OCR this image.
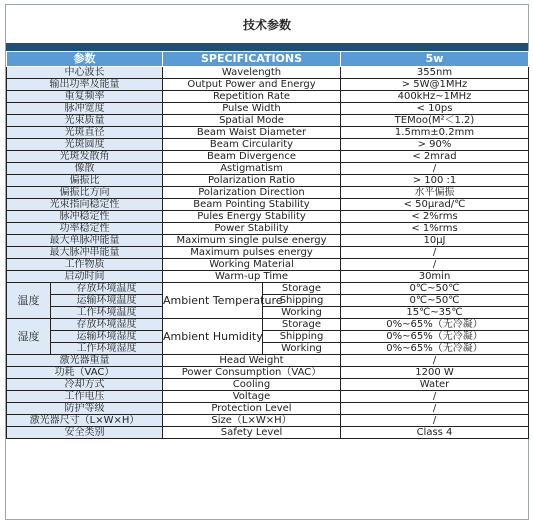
技术参数
参数		SPECIFICATIONS		5w
中心波长		Wavelength		355nm
输出功率及能量		Output Power and Energy		> 5W@1MHz
重复频率		Repetition Rate		400kHz~1MHz
脉冲宽度		Pulse Width		< 10ps
光束质量		Spatial Mode		TEMoo(M²＜1.2)
光斑直径		Beam Waist Diameter		1.5mm±0.2mm
光斑圆度		Beam Circularity		> 90%
光斑发散角		Beam Divergence		< 2mrad
像散		Astigmatism		/
偏振比		Polarization Ratio		> 100 :1
偏振比方向		Polarization Direction		水平偏振
光束指向稳定性		Beam Pointing Stability		< 50μrad/℃
脉冲稳定性		Pules Energy Stability		< 2%rms
功率稳定性		Power Stability		< 1%rms
最大单脉冲能量		Maximum single pulse energy		10μJ
最大脉冲串能量		Maximum pulses energy		/
工作物质		Working Material		/
启动时间		Warm-up Time		30min
温度	存放环境温度	Ambient Temperature	Storage	0℃~50℃
	运输环境温度		Shipping	0℃~50℃
	工作环境温度		Working	15℃~35℃
湿度	存放环境湿度	Ambient Humidity	Storage	0%~65%（无冷凝）
	运输环境湿度		Shipping	0%~65%（无冷凝）
	工作环境湿度		Working	0%~65%（无冷凝）
激光器重量		Head Weight		/
功耗（VAC）		Power Consumption（VAC）		1200 W
冷却方式		Cooling		Water
工作电压		Voltage		/
防护等级		Protection Level		/
激光器尺寸（L×W×H）		Size（L×W×H）		/
安全类别		Safety Level		Class 4
